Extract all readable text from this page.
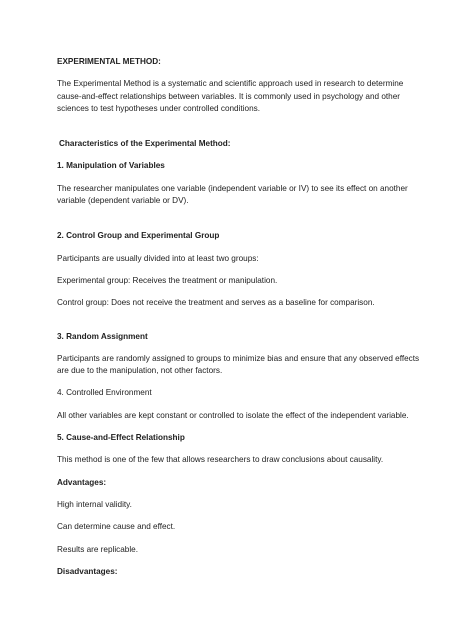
EXPERIMENTAL METHOD:

The Experimental Method is a systematic and scientific approach used in research to determine cause-and-effect relationships between variables. It is commonly used in psychology and other sciences to test hypotheses under controlled conditions.

Characteristics of the Experimental Method:

1. Manipulation of Variables

The researcher manipulates one variable (independent variable or IV) to see its effect on another variable (dependent variable or DV).

2. Control Group and Experimental Group

Participants are usually divided into at least two groups:

Experimental group: Receives the treatment or manipulation.

Control group: Does not receive the treatment and serves as a baseline for comparison.

3. Random Assignment

Participants are randomly assigned to groups to minimize bias and ensure that any observed effects are due to the manipulation, not other factors.

4. Controlled Environment

All other variables are kept constant or controlled to isolate the effect of the independent variable.

5. Cause-and-Effect Relationship

This method is one of the few that allows researchers to draw conclusions about causality.

Advantages:

High internal validity.

Can determine cause and effect.

Results are replicable.

Disadvantages:
